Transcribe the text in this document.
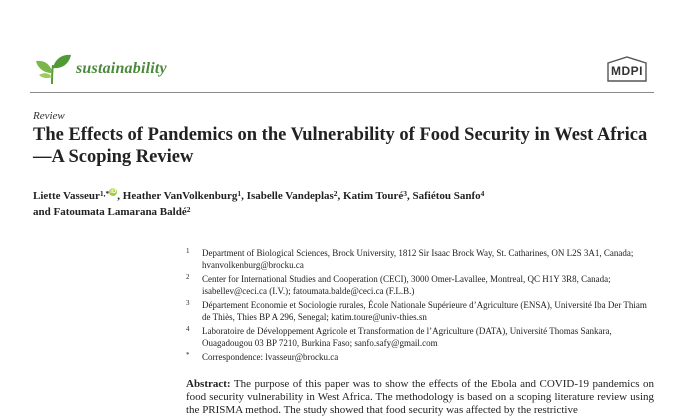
sustainability	MDPI
Review
The Effects of Pandemics on the Vulnerability of Food Security in West Africa—A Scoping Review
Liette Vasseur$^{1,*}$iD, Heather VanVolkenburg$^1$, Isabelle Vandeplas$^2$, Katim Touré$^3$, Safiétou Sanfo$^4$
and Fatoumata Lamarana Baldé$^2$
1 Department of Biological Sciences, Brock University, 1812 Sir Isaac Brock Way, St. Catharines, ON L2S 3A1, Canada; hvanvolkenburg@brocku.ca
2 Center for International Studies and Cooperation (CECI), 3000 Omer-Lavallee, Montreal, QC H1Y 3R8, Canada; isabellev@ceci.ca (I.V.); fatoumata.balde@ceci.ca (F.L.B.)
3 Département Economie et Sociologie rurales, École Nationale Supérieure d’Agriculture (ENSA), Université Iba Der Thiam de Thiès, Thies BP A 296, Senegal; katim.toure@univ-thies.sn
4 Laboratoire de Développement Agricole et Transformation de l’Agriculture (DATA), Université Thomas Sankara, Ouagadougou 03 BP 7210, Burkina Faso; sanfo.safy@gmail.com
* Correspondence: lvasseur@brocku.ca
Abstract: The purpose of this paper was to show the effects of the Ebola and COVID-19 pandemics on food security vulnerability in West Africa. The methodology is based on a scoping literature review using the PRISMA method. The study showed that food security was affected by the restrictive
